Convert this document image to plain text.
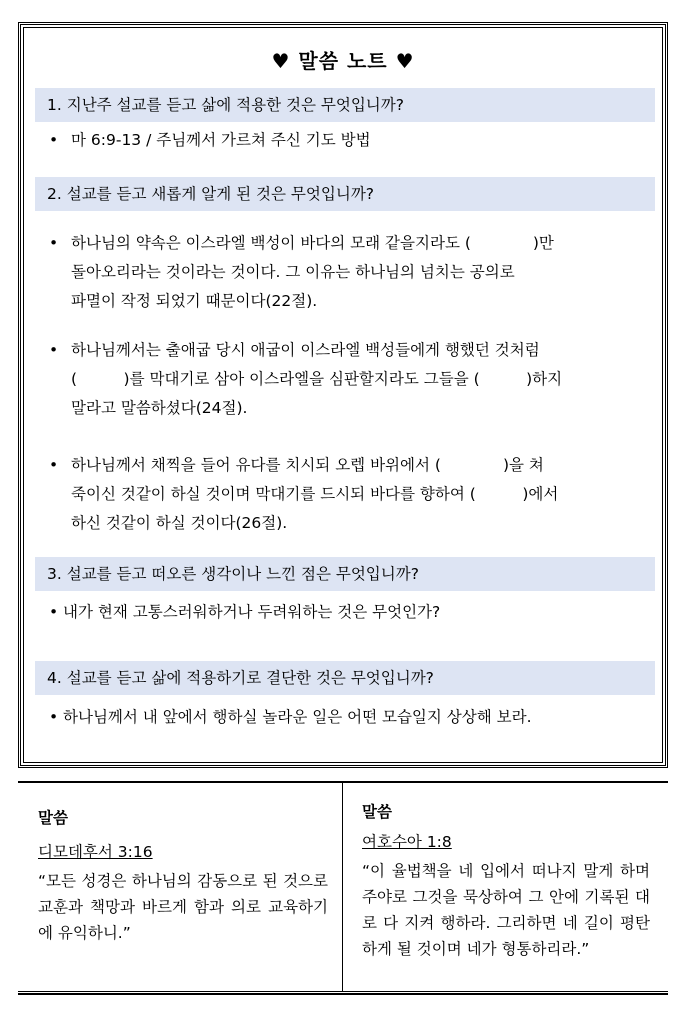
♥ 말씀 노트 ♥
1. 지난주 설교를 듣고 삶에 적용한 것은 무엇입니까?
• 마 6:9-13 / 주님께서 가르쳐 주신 기도 방법
2. 설교를 듣고 새롭게 알게 된 것은 무엇입니까?
• 하나님의 약속은 이스라엘 백성이 바다의 모래 같을지라도 (　　　　)만
돌아오리라는 것이라는 것이다. 그 이유는 하나님의 넘치는 공의로
파멸이 작정 되었기 때문이다(22절).
• 하나님께서는 출애굽 당시 애굽이 이스라엘 백성들에게 행했던 것처럼
(　　　)를 막대기로 삼아 이스라엘을 심판할지라도 그들을 (　　　)하지
말라고 말씀하셨다(24절).
• 하나님께서 채찍을 들어 유다를 치시되 오렙 바위에서 (　　　　)을 쳐
죽이신 것같이 하실 것이며 막대기를 드시되 바다를 향하여 (　　　)에서
하신 것같이 하실 것이다(26절).
3. 설교를 듣고 떠오른 생각이나 느낀 점은 무엇입니까?
• 내가 현재 고통스러워하거나 두려워하는 것은 무엇인가?
4. 설교를 듣고 삶에 적용하기로 결단한 것은 무엇입니까?
• 하나님께서 내 앞에서 행하실 놀라운 일은 어떤 모습일지 상상해 보라.
말씀
디모데후서 3:16
“모든 성경은 하나님의 감동으로 된 것으로 교훈과 책망과 바르게 함과 의로 교육하기에 유익하니.”
말씀
여호수아 1:8
“이 율법책을 네 입에서 떠나지 말게 하며 주야로 그것을 묵상하여 그 안에 기록된 대로 다 지켜 행하라. 그리하면 네 길이 평탄하게 될 것이며 네가 형통하리라.”
